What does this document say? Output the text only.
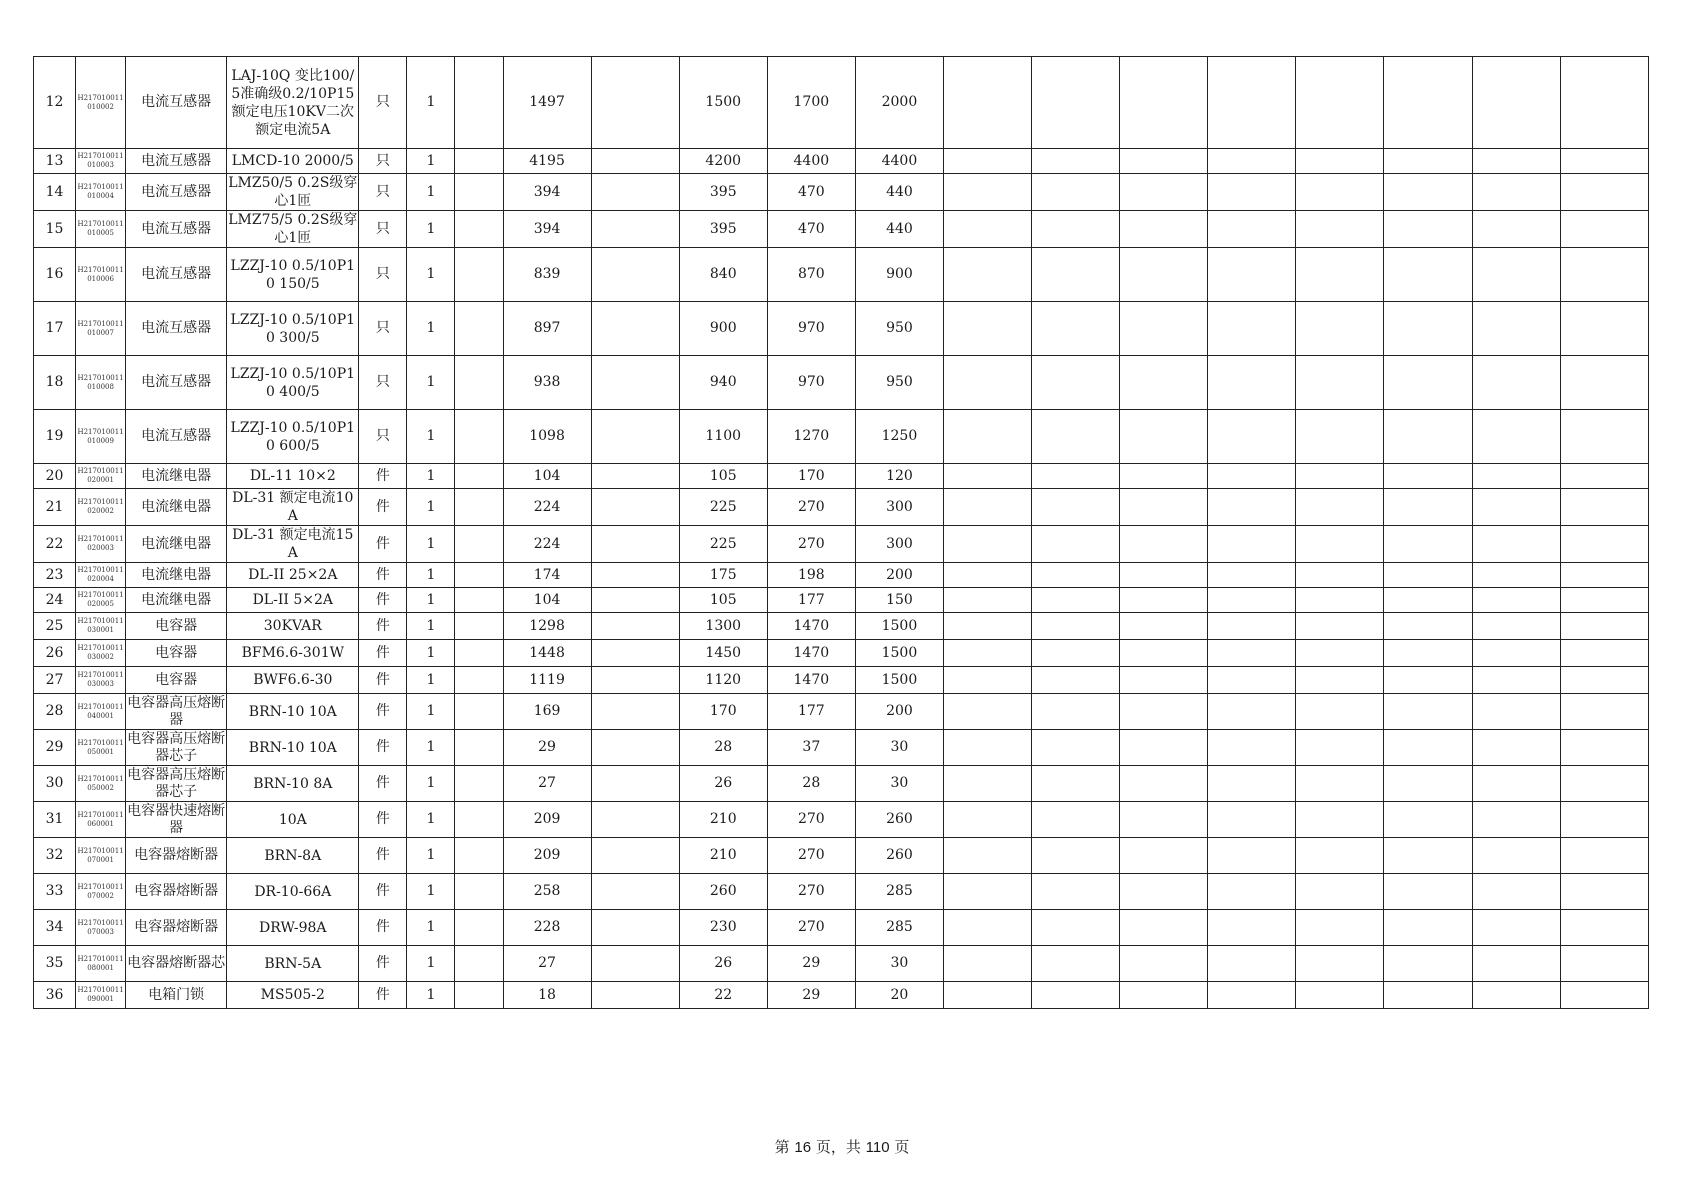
12	H217010011010002	电流互感器	LAJ-10Q 变比100/5准确级0.2/10P15额定电压10KV二次额定电流5A	只	1		1497		1500	1700	2000								
13	H217010011010003	电流互感器	LMCD-10 2000/5	只	1		4195		4200	4400	4400								
14	H217010011010004	电流互感器	LMZ50/5 0.2S级穿心1匝	只	1		394		395	470	440								
15	H217010011010005	电流互感器	LMZ75/5 0.2S级穿心1匝	只	1		394		395	470	440								
16	H217010011010006	电流互感器	LZZJ-10 0.5/10P10 150/5	只	1		839		840	870	900								
17	H217010011010007	电流互感器	LZZJ-10 0.5/10P10 300/5	只	1		897		900	970	950								
18	H217010011010008	电流互感器	LZZJ-10 0.5/10P10 400/5	只	1		938		940	970	950								
19	H217010011010009	电流互感器	LZZJ-10 0.5/10P10 600/5	只	1		1098		1100	1270	1250								
20	H217010011020001	电流继电器	DL-11 10×2	件	1		104		105	170	120								
21	H217010011020002	电流继电器	DL-31 额定电流10A	件	1		224		225	270	300								
22	H217010011020003	电流继电器	DL-31 额定电流15A	件	1		224		225	270	300								
23	H217010011020004	电流继电器	DL-II 25×2A	件	1		174		175	198	200								
24	H217010011020005	电流继电器	DL-II 5×2A	件	1		104		105	177	150								
25	H217010011030001	电容器	30KVAR	件	1		1298		1300	1470	1500								
26	H217010011030002	电容器	BFM6.6-301W	件	1		1448		1450	1470	1500								
27	H217010011030003	电容器	BWF6.6-30	件	1		1119		1120	1470	1500								
28	H217010011040001	电容器高压熔断器	BRN-10 10A	件	1		169		170	177	200								
29	H217010011050001	电容器高压熔断器芯子	BRN-10 10A	件	1		29		28	37	30								
30	H217010011050002	电容器高压熔断器芯子	BRN-10 8A	件	1		27		26	28	30								
31	H217010011060001	电容器快速熔断器	10A	件	1		209		210	270	260								
32	H217010011070001	电容器熔断器	BRN-8A	件	1		209		210	270	260								
33	H217010011070002	电容器熔断器	DR-10-66A	件	1		258		260	270	285								
34	H217010011070003	电容器熔断器	DRW-98A	件	1		228		230	270	285								
35	H217010011080001	电容器熔断器芯	BRN-5A	件	1		27		26	29	30								
36	H217010011090001	电箱门锁	MS505-2	件	1		18		22	29	20								
第 16 页，共 110 页
